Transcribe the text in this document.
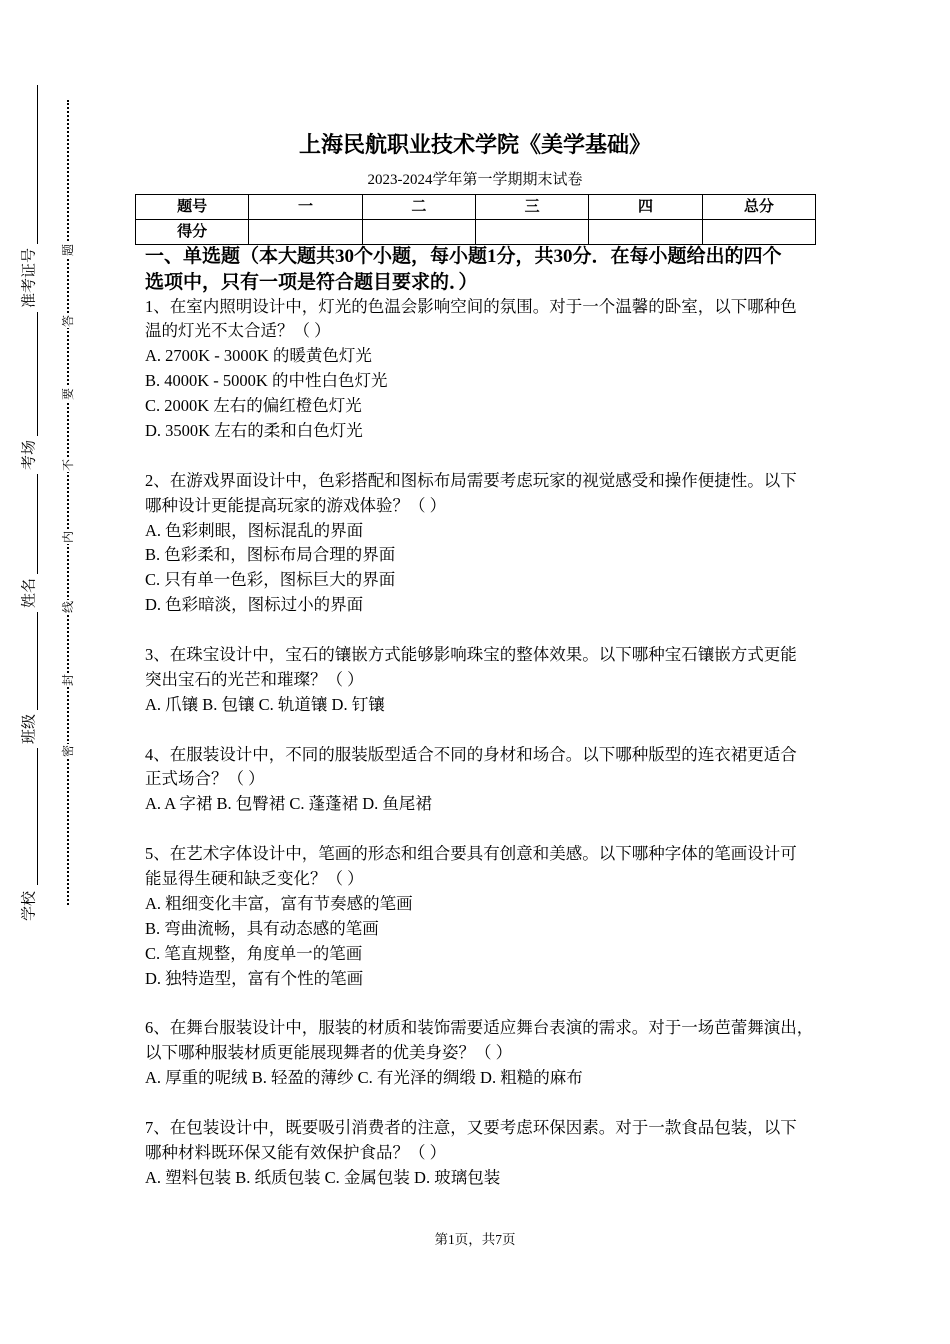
准考证号
考场
姓名
班级
学校
密
封
线
内
不
要
答
题
上海民航职业技术学院《美学基础》
2023-2024学年第一学期期末试卷
题号	一	二	三	四	总分
得分					
一、单选题（本大题共30个小题，每小题1分，共30分．在每小题给出的四个
选项中，只有一项是符合题目要求的．）
1、在室内照明设计中，灯光的色温会影响空间的氛围。对于一个温馨的卧室，以下哪种色
温的灯光不太合适？（ ）
A. 2700K - 3000K 的暖黄色灯光
B. 4000K - 5000K 的中性白色灯光
C. 2000K 左右的偏红橙色灯光
D. 3500K 左右的柔和白色灯光
2、在游戏界面设计中，色彩搭配和图标布局需要考虑玩家的视觉感受和操作便捷性。以下
哪种设计更能提高玩家的游戏体验？（ ）
A. 色彩刺眼，图标混乱的界面
B. 色彩柔和，图标布局合理的界面
C. 只有单一色彩，图标巨大的界面
D. 色彩暗淡，图标过小的界面
3、在珠宝设计中，宝石的镶嵌方式能够影响珠宝的整体效果。以下哪种宝石镶嵌方式更能
突出宝石的光芒和璀璨？（ ）
A. 爪镶 B. 包镶 C. 轨道镶 D. 钉镶
4、在服装设计中，不同的服装版型适合不同的身材和场合。以下哪种版型的连衣裙更适合
正式场合？（ ）
A. A 字裙 B. 包臀裙 C. 蓬蓬裙 D. 鱼尾裙
5、在艺术字体设计中，笔画的形态和组合要具有创意和美感。以下哪种字体的笔画设计可
能显得生硬和缺乏变化？（ ）
A. 粗细变化丰富，富有节奏感的笔画
B. 弯曲流畅，具有动态感的笔画
C. 笔直规整，角度单一的笔画
D. 独特造型，富有个性的笔画
6、在舞台服装设计中，服装的材质和装饰需要适应舞台表演的需求。对于一场芭蕾舞演出，
以下哪种服装材质更能展现舞者的优美身姿？（ ）
A. 厚重的呢绒 B. 轻盈的薄纱 C. 有光泽的绸缎 D. 粗糙的麻布
7、在包装设计中，既要吸引消费者的注意，又要考虑环保因素。对于一款食品包装，以下
哪种材料既环保又能有效保护食品？（ ）
A. 塑料包装 B. 纸质包装 C. 金属包装 D. 玻璃包装
第1页，共7页
